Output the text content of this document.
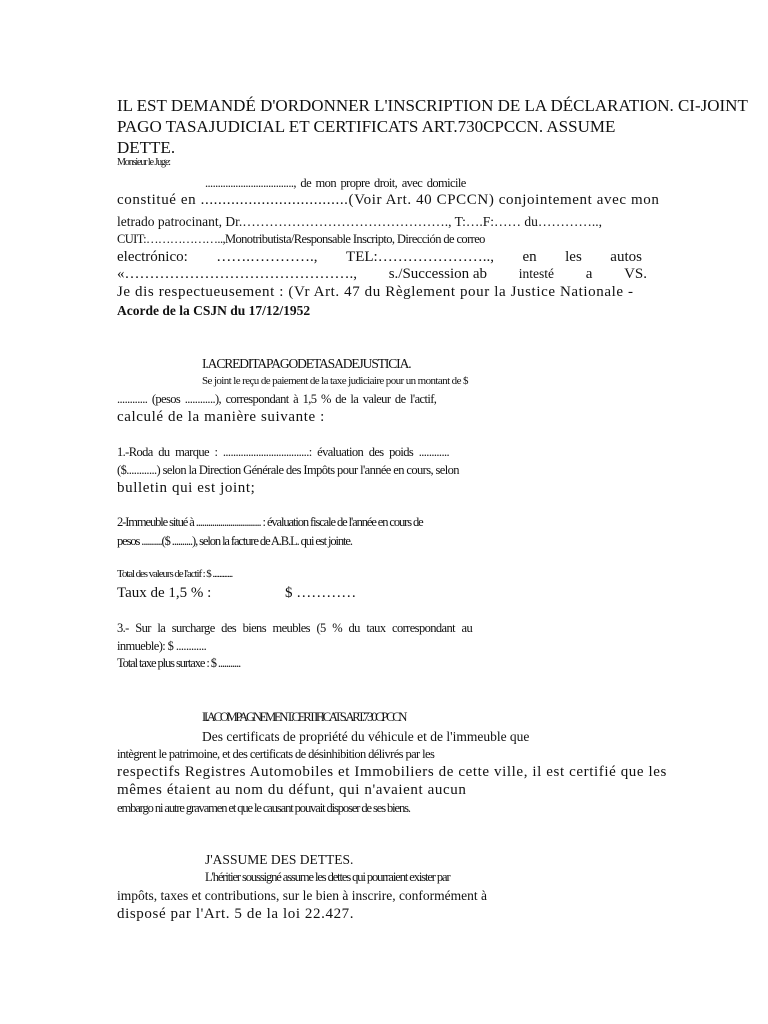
IL EST DEMANDÉ D'ORDONNER L'INSCRIPTION DE LA DÉCLARATION. CI-JOINT
PAGO TASAJUDICIAL ET CERTIFICATS ART.730CPCCN. ASSUME
DETTE.
Monsieur le Juge:
..................................., de mon propre droit, avec domicile
constitué en ..................................(Voir Art. 40 CPCCN) conjointement avec mon
letrado patrocinant, Dr.………………………………………., T:….F:…… du…………..,
CUIT:………………..,Monotributista/Responsable Inscripto, Dirección de correo
electrónico: …….…………., TEL:………………….., en les autos
«………………………………………., s./Succession ab intesté a VS.
Je dis respectueusement : (Vr Art. 47 du Règlement pour la Justice Nationale -
Acorde de la CSJN du 17/12/1952
I.ACREDITAPAGODETASADEJUSTICIA.
Se joint le reçu de paiement de la taxe judiciaire pour un montant de $
............ (pesos ............), correspondant à 1,5 % de la valeur de l'actif,
calculé de la manière suivante :
1.-Roda du marque : ..................................: évaluation des poids ............
($............) selon la Direction Générale des Impôts pour l'année en cours, selon
bulletin qui est joint;
2-Immeuble situé à ................................ : évaluation fiscale de l'année en cours de
pesos ..........($ ..........), selon la facture de A.B.L. qui est jointe.
Total des valeurs de l'actif : $ ............
Taux de 1,5 % :	$ …………
3.- Sur la surcharge des biens meubles (5 % du taux correspondant au
inmueble): $ ............
Total taxe plus surtaxe : $ ...........
II.ACOMPAGNEMENT.CERTIFICATS.ART.730CPCCN
Des certificats de propriété du véhicule et de l'immeuble que
intègrent le patrimoine, et des certificats de désinhibition délivrés par les
respectifs Registres Automobiles et Immobiliers de cette ville, il est certifié que les
mêmes étaient au nom du défunt, qui n'avaient aucun
embargo ni autre gravamen et que le causant pouvait disposer de ses biens.
J'ASSUME DES DETTES.
L'héritier soussigné assume les dettes qui pourraient exister par
impôts, taxes et contributions, sur le bien à inscrire, conformément à
disposé par l'Art. 5 de la loi 22.427.
